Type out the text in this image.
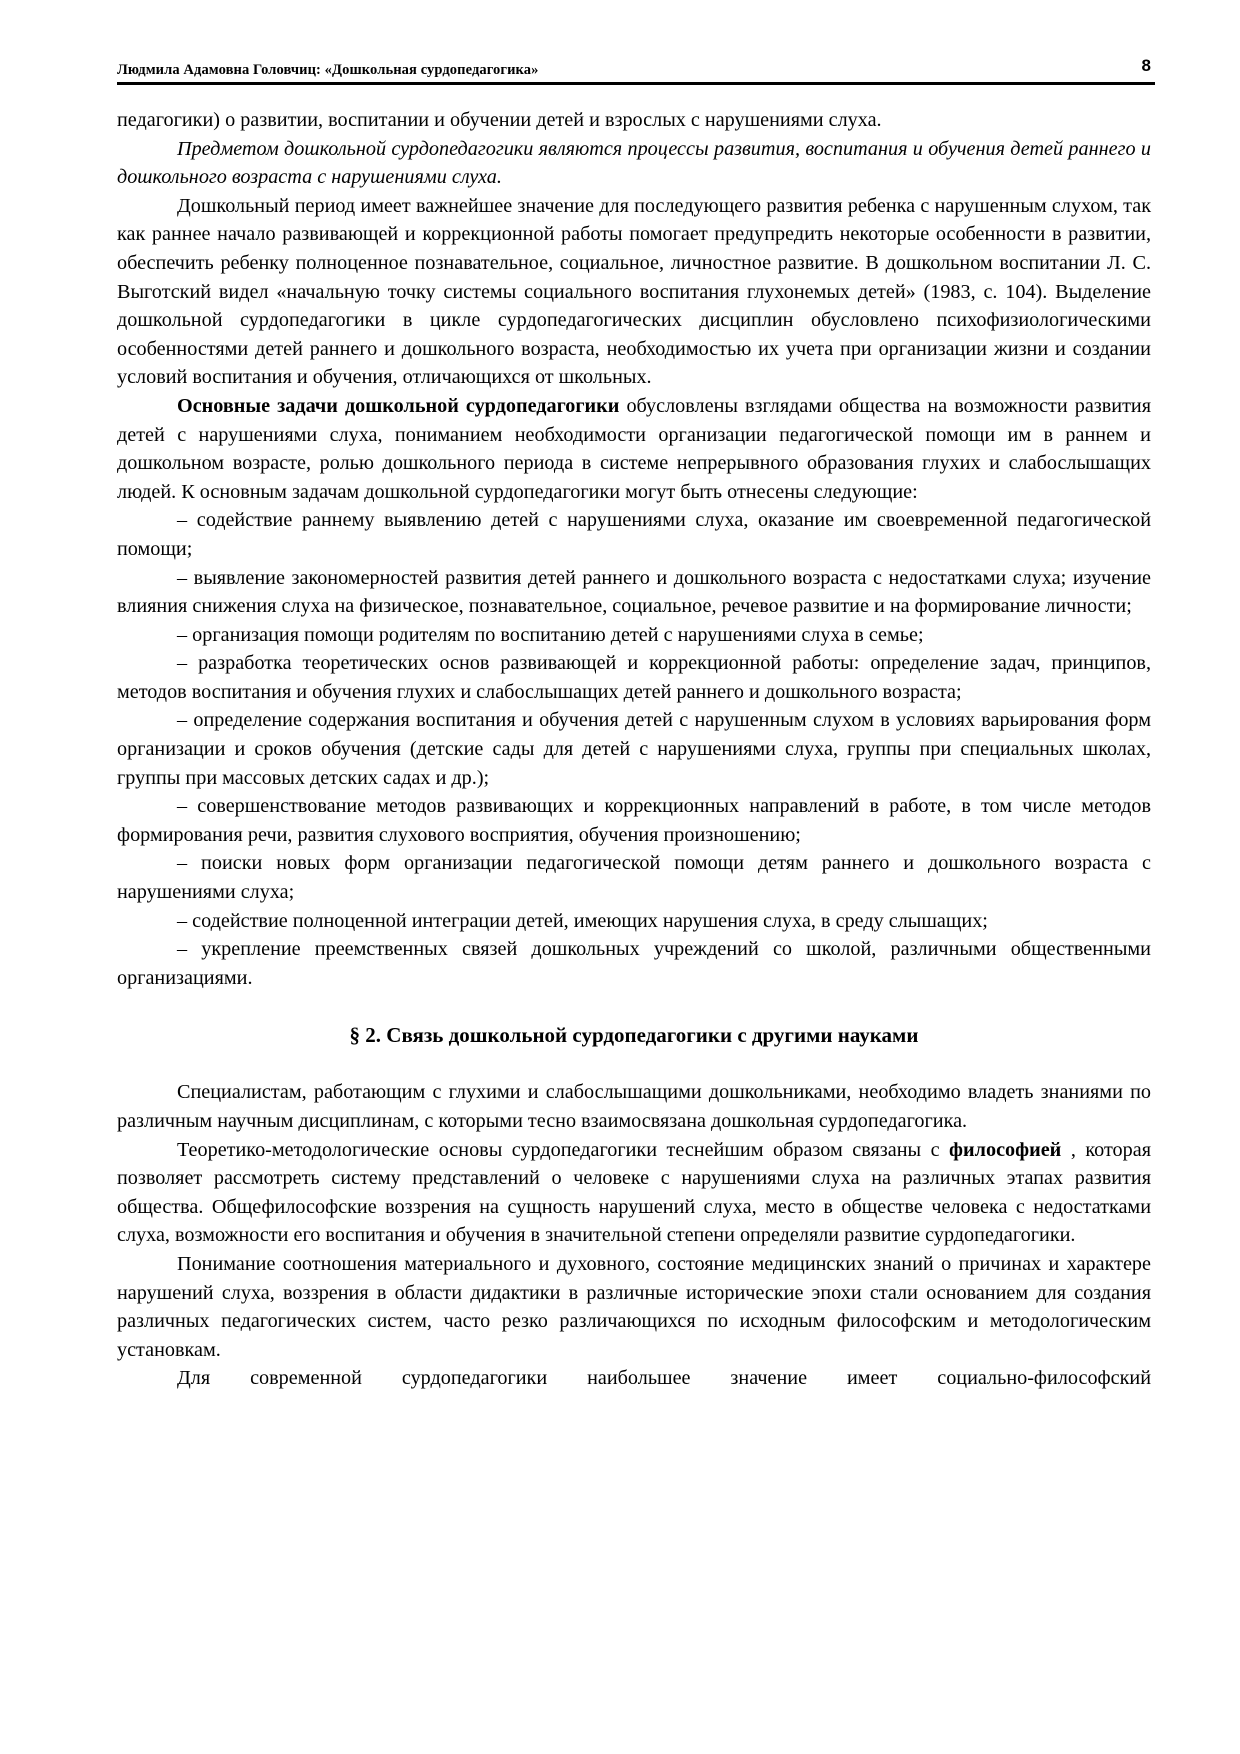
Людмила Адамовна Головчиц: «Дошкольная сурдопедагогика»	8

педагогики) о развитии, воспитании и обучении детей и взрослых с нарушениями слуха.

Предметом дошкольной сурдопедагогики являются процессы развития, воспитания и обучения детей раннего и дошкольного возраста с нарушениями слуха.

Дошкольный период имеет важнейшее значение для последующего развития ребенка с нарушенным слухом, так как раннее начало развивающей и коррекционной работы помогает предупредить некоторые особенности в развитии, обеспечить ребенку полноценное познавательное, социальное, личностное развитие. В дошкольном воспитании Л. С. Выготский видел «начальную точку системы социального воспитания глухонемых детей» (1983, с. 104). Выделение дошкольной сурдопедагогики в цикле сурдопедагогических дисциплин обусловлено психофизиологическими особенностями детей раннего и дошкольного возраста, необходимостью их учета при организации жизни и создании условий воспитания и обучения, отличающихся от школьных.

Основные задачи дошкольной сурдопедагогики обусловлены взглядами общества на возможности развития детей с нарушениями слуха, пониманием необходимости организации педагогической помощи им в раннем и дошкольном возрасте, ролью дошкольного периода в системе непрерывного образования глухих и слабослышащих людей. К основным задачам дошкольной сурдопедагогики могут быть отнесены следующие:

– содействие раннему выявлению детей с нарушениями слуха, оказание им своевременной педагогической помощи;

– выявление закономерностей развития детей раннего и дошкольного возраста с недостатками слуха; изучение влияния снижения слуха на физическое, познавательное, социальное, речевое развитие и на формирование личности;

– организация помощи родителям по воспитанию детей с нарушениями слуха в семье;

– разработка теоретических основ развивающей и коррекционной работы: определение задач, принципов, методов воспитания и обучения глухих и слабослышащих детей раннего и дошкольного возраста;

– определение содержания воспитания и обучения детей с нарушенным слухом в условиях варьирования форм организации и сроков обучения (детские сады для детей с нарушениями слуха, группы при специальных школах, группы при массовых детских садах и др.);

– совершенствование методов развивающих и коррекционных направлений в работе, в том числе методов формирования речи, развития слухового восприятия, обучения произношению;

– поиски новых форм организации педагогической помощи детям раннего и дошкольного возраста с нарушениями слуха;

– содействие полноценной интеграции детей, имеющих нарушения слуха, в среду слышащих;

– укрепление преемственных связей дошкольных учреждений со школой, различными общественными организациями.

§ 2. Связь дошкольной сурдопедагогики с другими науками

Специалистам, работающим с глухими и слабослышащими дошкольниками, необходимо владеть знаниями по различным научным дисциплинам, с которыми тесно взаимосвязана дошкольная сурдопедагогика.

Теоретико-методологические основы сурдопедагогики теснейшим образом связаны с философией , которая позволяет рассмотреть систему представлений о человеке с нарушениями слуха на различных этапах развития общества. Общефилософские воззрения на сущность нарушений слуха, место в обществе человека с недостатками слуха, возможности его воспитания и обучения в значительной степени определяли развитие сурдопедагогики.

Понимание соотношения материального и духовного, состояние медицинских знаний о причинах и характере нарушений слуха, воззрения в области дидактики в различные исторические эпохи стали основанием для создания различных педагогических систем, часто резко различающихся по исходным философским и методологическим установкам.

Для современной сурдопедагогики наибольшее значение имеет социально-философский
